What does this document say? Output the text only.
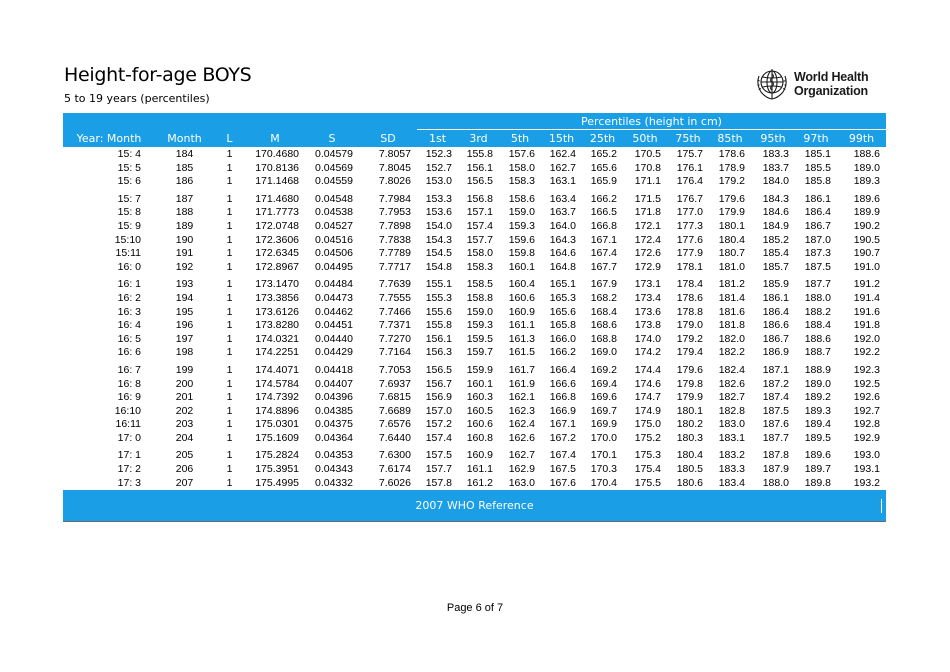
Height-for-age BOYS
5 to 19 years (percentiles)
World Health
Organization
						Percentiles (height in cm)										
Year: Month	Month	L	M	S	SD	1st	3rd	5th	15th	25th	50th	75th	85th	95th	97th	99th
15: 4	184	1	170.4680	0.04579	7.8057	152.3	155.8	157.6	162.4	165.2	170.5	175.7	178.6	183.3	185.1	188.6
15: 5	185	1	170.8136	0.04569	7.8045	152.7	156.1	158.0	162.7	165.6	170.8	176.1	178.9	183.7	185.5	189.0
15: 6	186	1	171.1468	0.04559	7.8026	153.0	156.5	158.3	163.1	165.9	171.1	176.4	179.2	184.0	185.8	189.3
15: 7	187	1	171.4680	0.04548	7.7984	153.3	156.8	158.6	163.4	166.2	171.5	176.7	179.6	184.3	186.1	189.6
15: 8	188	1	171.7773	0.04538	7.7953	153.6	157.1	159.0	163.7	166.5	171.8	177.0	179.9	184.6	186.4	189.9
15: 9	189	1	172.0748	0.04527	7.7898	154.0	157.4	159.3	164.0	166.8	172.1	177.3	180.1	184.9	186.7	190.2
15:10	190	1	172.3606	0.04516	7.7838	154.3	157.7	159.6	164.3	167.1	172.4	177.6	180.4	185.2	187.0	190.5
15:11	191	1	172.6345	0.04506	7.7789	154.5	158.0	159.8	164.6	167.4	172.6	177.9	180.7	185.4	187.3	190.7
16: 0	192	1	172.8967	0.04495	7.7717	154.8	158.3	160.1	164.8	167.7	172.9	178.1	181.0	185.7	187.5	191.0
16: 1	193	1	173.1470	0.04484	7.7639	155.1	158.5	160.4	165.1	167.9	173.1	178.4	181.2	185.9	187.7	191.2
16: 2	194	1	173.3856	0.04473	7.7555	155.3	158.8	160.6	165.3	168.2	173.4	178.6	181.4	186.1	188.0	191.4
16: 3	195	1	173.6126	0.04462	7.7466	155.6	159.0	160.9	165.6	168.4	173.6	178.8	181.6	186.4	188.2	191.6
16: 4	196	1	173.8280	0.04451	7.7371	155.8	159.3	161.1	165.8	168.6	173.8	179.0	181.8	186.6	188.4	191.8
16: 5	197	1	174.0321	0.04440	7.7270	156.1	159.5	161.3	166.0	168.8	174.0	179.2	182.0	186.7	188.6	192.0
16: 6	198	1	174.2251	0.04429	7.7164	156.3	159.7	161.5	166.2	169.0	174.2	179.4	182.2	186.9	188.7	192.2
16: 7	199	1	174.4071	0.04418	7.7053	156.5	159.9	161.7	166.4	169.2	174.4	179.6	182.4	187.1	188.9	192.3
16: 8	200	1	174.5784	0.04407	7.6937	156.7	160.1	161.9	166.6	169.4	174.6	179.8	182.6	187.2	189.0	192.5
16: 9	201	1	174.7392	0.04396	7.6815	156.9	160.3	162.1	166.8	169.6	174.7	179.9	182.7	187.4	189.2	192.6
16:10	202	1	174.8896	0.04385	7.6689	157.0	160.5	162.3	166.9	169.7	174.9	180.1	182.8	187.5	189.3	192.7
16:11	203	1	175.0301	0.04375	7.6576	157.2	160.6	162.4	167.1	169.9	175.0	180.2	183.0	187.6	189.4	192.8
17: 0	204	1	175.1609	0.04364	7.6440	157.4	160.8	162.6	167.2	170.0	175.2	180.3	183.1	187.7	189.5	192.9
17: 1	205	1	175.2824	0.04353	7.6300	157.5	160.9	162.7	167.4	170.1	175.3	180.4	183.2	187.8	189.6	193.0
17: 2	206	1	175.3951	0.04343	7.6174	157.7	161.1	162.9	167.5	170.3	175.4	180.5	183.3	187.9	189.7	193.1
17: 3	207	1	175.4995	0.04332	7.6026	157.8	161.2	163.0	167.6	170.4	175.5	180.6	183.4	188.0	189.8	193.2
2007 WHO Reference
Page 6 of 7
